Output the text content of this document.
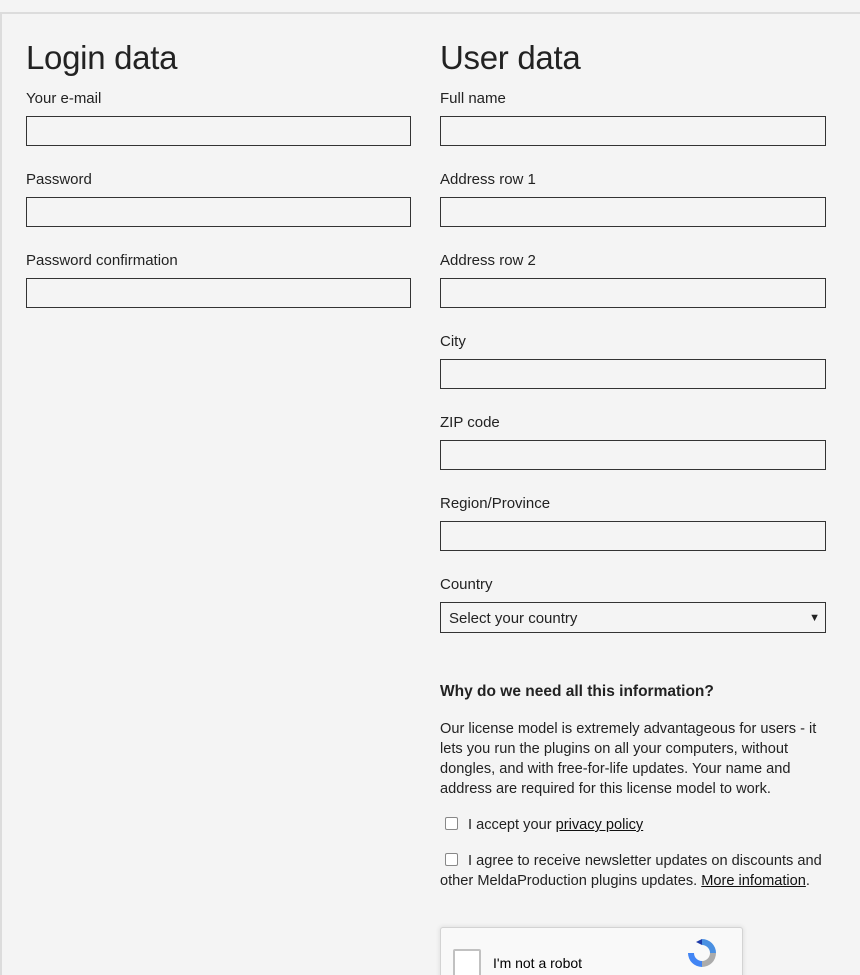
Login data
Your e-mail
Password
Password confirmation
User data
Full name
Address row 1
Address row 2
City
ZIP code
Region/Province
Country
Select your country	▼
Why do we need all this information?
Our license model is extremely advantageous for users - it lets you run the plugins on all your computers, without dongles, and with free-for-life updates. Your name and address are required for this license model to work.
I accept your privacy policy
I agree to receive newsletter updates on discounts and other MeldaProduction plugins updates. More infomation.
I'm not a robot
